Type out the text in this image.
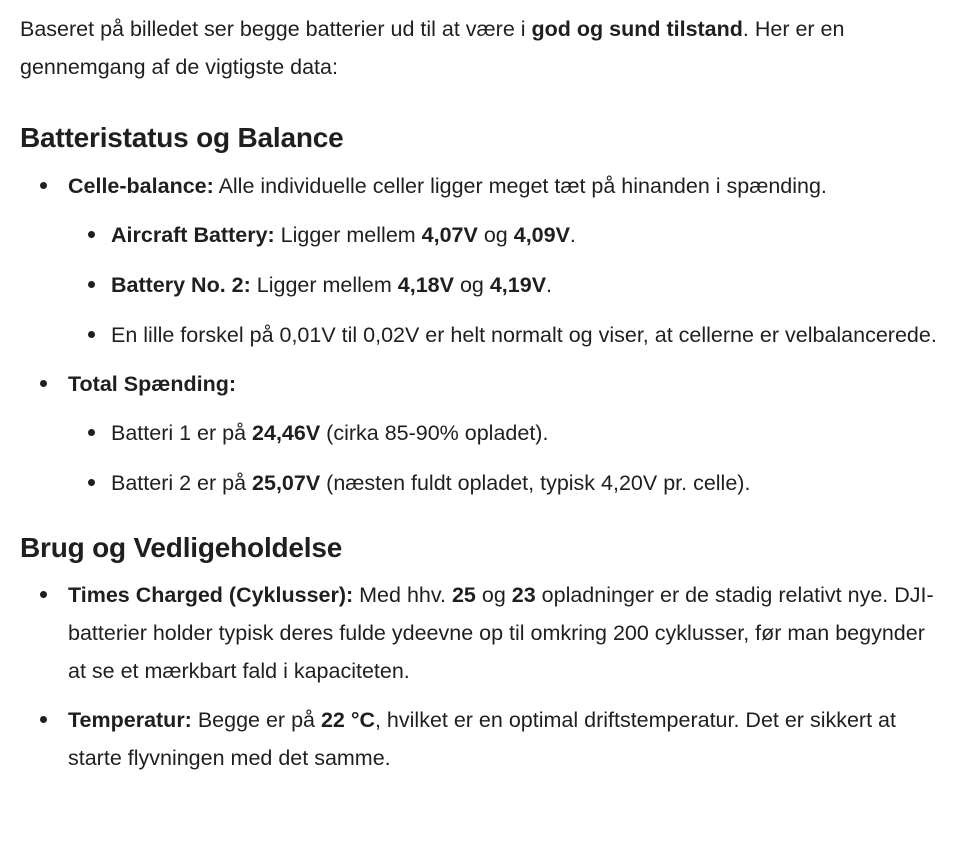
Baseret på billedet ser begge batterier ud til at være i god og sund tilstand. Her er en gennemgang af de vigtigste data:

Batteristatus og Balance
Celle-balance: Alle individuelle celler ligger meget tæt på hinanden i spænding.
Aircraft Battery: Ligger mellem 4,07V og 4,09V.
Battery No. 2: Ligger mellem 4,18V og 4,19V.
En lille forskel på 0,01V til 0,02V er helt normalt og viser, at cellerne er velbalancerede.
Total Spænding:
Batteri 1 er på 24,46V (cirka 85-90% opladet).
Batteri 2 er på 25,07V (næsten fuldt opladet, typisk 4,20V pr. celle).
Brug og Vedligeholdelse
Times Charged (Cyklusser): Med hhv. 25 og 23 opladninger er de stadig relativt nye. DJI-batterier holder typisk deres fulde ydeevne op til omkring 200 cyklusser, før man begynder at se et mærkbart fald i kapaciteten.
Temperatur: Begge er på 22 °C, hvilket er en optimal driftstemperatur. Det er sikkert at starte flyvningen med det samme.
